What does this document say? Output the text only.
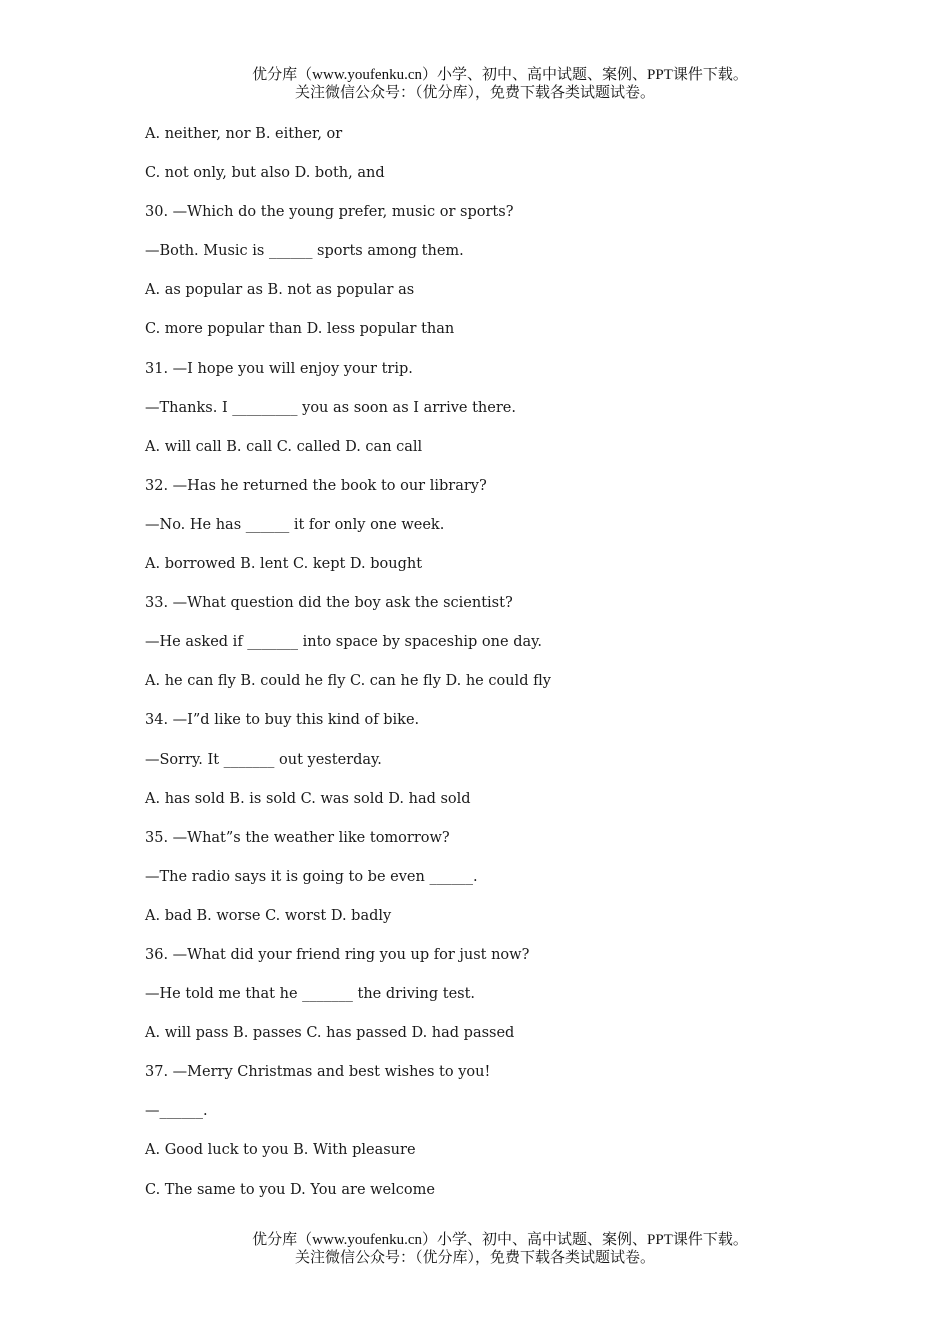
优分库（www.youfenku.cn）小学、初中、高中试题、案例、PPT课件下载。
关注微信公众号：（优分库），免费下载各类试题试卷。
A. neither, nor B. either, or
C. not only, but also D. both, and
30. —Which do the young prefer, music or sports?
—Both. Music is ______ sports among them.
A. as popular as B. not as popular as
C. more popular than D. less popular than
31. —I hope you will enjoy your trip.
—Thanks. I _________ you as soon as I arrive there.
A. will call B. call C. called D. can call
32. —Has he returned the book to our library?
—No. He has ______ it for only one week.
A. borrowed B. lent C. kept D. bought
33. —What question did the boy ask the scientist?
—He asked if _______ into space by spaceship one day.
A. he can fly B. could he fly C. can he fly D. he could fly
34. —I”d like to buy this kind of bike.
—Sorry. It _______ out yesterday.
A. has sold B. is sold C. was sold D. had sold
35. —What”s the weather like tomorrow?
—The radio says it is going to be even ______.
A. bad B. worse C. worst D. badly
36. —What did your friend ring you up for just now?
—He told me that he _______ the driving test.
A. will pass B. passes C. has passed D. had passed
37. —Merry Christmas and best wishes to you!
—______.
A. Good luck to you B. With pleasure
C. The same to you D. You are welcome
优分库（www.youfenku.cn）小学、初中、高中试题、案例、PPT课件下载。
关注微信公众号：（优分库），免费下载各类试题试卷。
